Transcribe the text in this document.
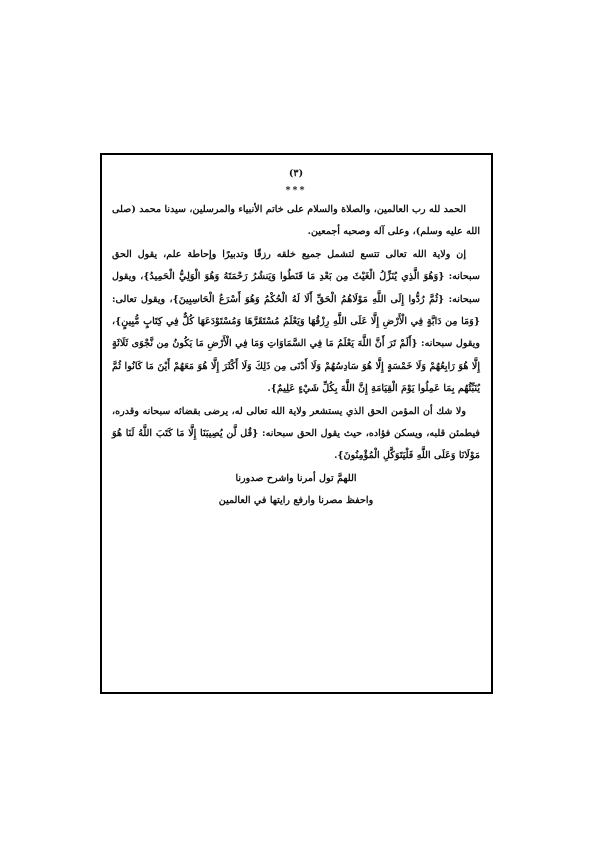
(٣)
***

الحمد لله رب العالمين، والصلاة والسلام على خاتم الأنبياء والمرسلين، سيدنا محمد (صلى الله عليه وسلم)، وعلى آله وصحبه أجمعين.

إن ولاية الله تعالى تتسع لتشمل جميع خلقه رزقًا وتدبيرًا وإحاطة علم، يقول الحق سبحانه: {وَهُوَ الَّذِي يُنَزِّلُ الْغَيْثَ مِن بَعْدِ مَا قَنَطُوا وَيَنشُرُ رَحْمَتَهُ وَهُوَ الْوَلِيُّ الْحَمِيدُ}، ويقول سبحانه: {ثُمَّ رُدُّوا إِلَى اللَّهِ مَوْلَاهُمُ الْحَقِّ أَلَا لَهُ الْحُكْمُ وَهُوَ أَسْرَعُ الْحَاسِبِينَ}، ويقول تعالى: {وَمَا مِن دَابَّةٍ فِي الْأَرْضِ إِلَّا عَلَى اللَّهِ رِزْقُهَا وَيَعْلَمُ مُسْتَقَرَّهَا وَمُسْتَوْدَعَهَا كُلٌّ فِي كِتَابٍ مُّبِينٍ}، ويقول سبحانه: {أَلَمْ تَرَ أَنَّ اللَّهَ يَعْلَمُ مَا فِي السَّمَاوَاتِ وَمَا فِي الْأَرْضِ مَا يَكُونُ مِن نَّجْوَى ثَلَاثَةٍ إِلَّا هُوَ رَابِعُهُمْ وَلَا خَمْسَةٍ إِلَّا هُوَ سَادِسُهُمْ وَلَا أَدْنَى مِن ذَلِكَ وَلَا أَكْثَرَ إِلَّا هُوَ مَعَهُمْ أَيْنَ مَا كَانُوا ثُمَّ يُنَبِّئُهُم بِمَا عَمِلُوا يَوْمَ الْقِيَامَةِ إِنَّ اللَّهَ بِكُلِّ شَيْءٍ عَلِيمٌ}.

ولا شك أن المؤمن الحق الذي يستشعر ولاية الله تعالى له، يرضى بقضائه سبحانه وقدره، فيطمئن قلبه، ويسكن فؤاده، حيث يقول الحق سبحانه: {قُل لَّن يُصِيبَنَا إِلَّا مَا كَتَبَ اللَّهُ لَنَا هُوَ مَوْلَانَا وَعَلَى اللَّهِ فَلْيَتَوَكَّلِ الْمُؤْمِنُونَ}.

اللهمَّ تول أمرنا واشرح صدورنا
واحفظ مصرنا وارفع رايتها في العالمين
